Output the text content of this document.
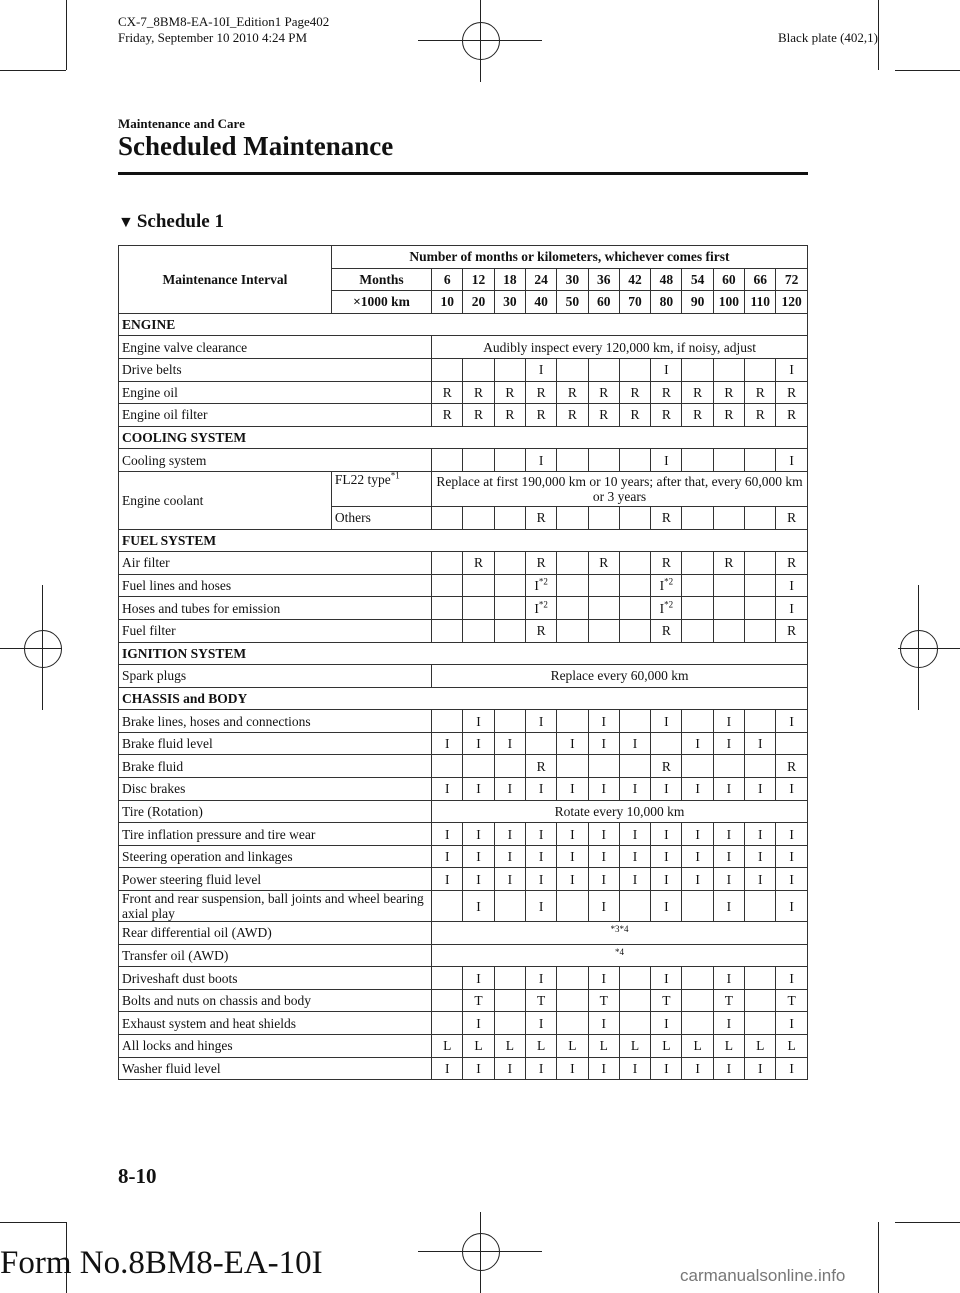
CX-7_8BM8-EA-10I_Edition1 Page402
Friday, September 10 2010 4:24 PM	Black plate (402,1)
Maintenance and Care
Scheduled Maintenance
▼ Schedule 1
Maintenance Interval	Number of months or kilometers, whichever comes first												
	Months	6	12	18	24	30	36	42	48	54	60	66	72
	×1000 km	10	20	30	40	50	60	70	80	90	100	110	120
ENGINE													
Engine valve clearance		Audibly inspect every 120,000 km, if noisy, adjust											
Drive belts					I				I				I
Engine oil		R	R	R	R	R	R	R	R	R	R	R	R
Engine oil filter		R	R	R	R	R	R	R	R	R	R	R	R
COOLING SYSTEM													
Cooling system					I				I				I
Engine coolant	FL22 type$^{*1}$	Replace at first 190,000 km or 10 years; after that, every 60,000 km or 3 years											
	Others				R				R				R
FUEL SYSTEM													
Air filter			R		R		R		R		R		R
Fuel lines and hoses					$I^{*2}$				$I^{*2}$				I
Hoses and tubes for emission					$I^{*2}$				$I^{*2}$				I
Fuel filter					R				R				R
IGNITION SYSTEM													
Spark plugs		Replace every 60,000 km											
CHASSIS and BODY													
Brake lines, hoses and connections			I		I		I		I		I		I
Brake fluid level		I	I	I		I	I	I		I	I	I	
Brake fluid					R				R				R
Disc brakes		I	I	I	I	I	I	I	I	I	I	I	I
Tire (Rotation)		Rotate every 10,000 km											
Tire inflation pressure and tire wear		I	I	I	I	I	I	I	I	I	I	I	I
Steering operation and linkages		I	I	I	I	I	I	I	I	I	I	I	I
Power steering fluid level		I	I	I	I	I	I	I	I	I	I	I	I
Front and rear suspension, ball joints and wheel bearing axial play			I		I		I		I		I		I
Rear differential oil (AWD)		*3*4											
Transfer oil (AWD)		*4											
Driveshaft dust boots			I		I		I		I		I		I
Bolts and nuts on chassis and body			T		T		T		T		T		T
Exhaust system and heat shields			I		I		I		I		I		I
All locks and hinges		L	L	L	L	L	L	L	L	L	L	L	L
Washer fluid level		I	I	I	I	I	I	I	I	I	I	I	I
8-10
Form No.8BM8-EA-10I	carmanualsonline.info
